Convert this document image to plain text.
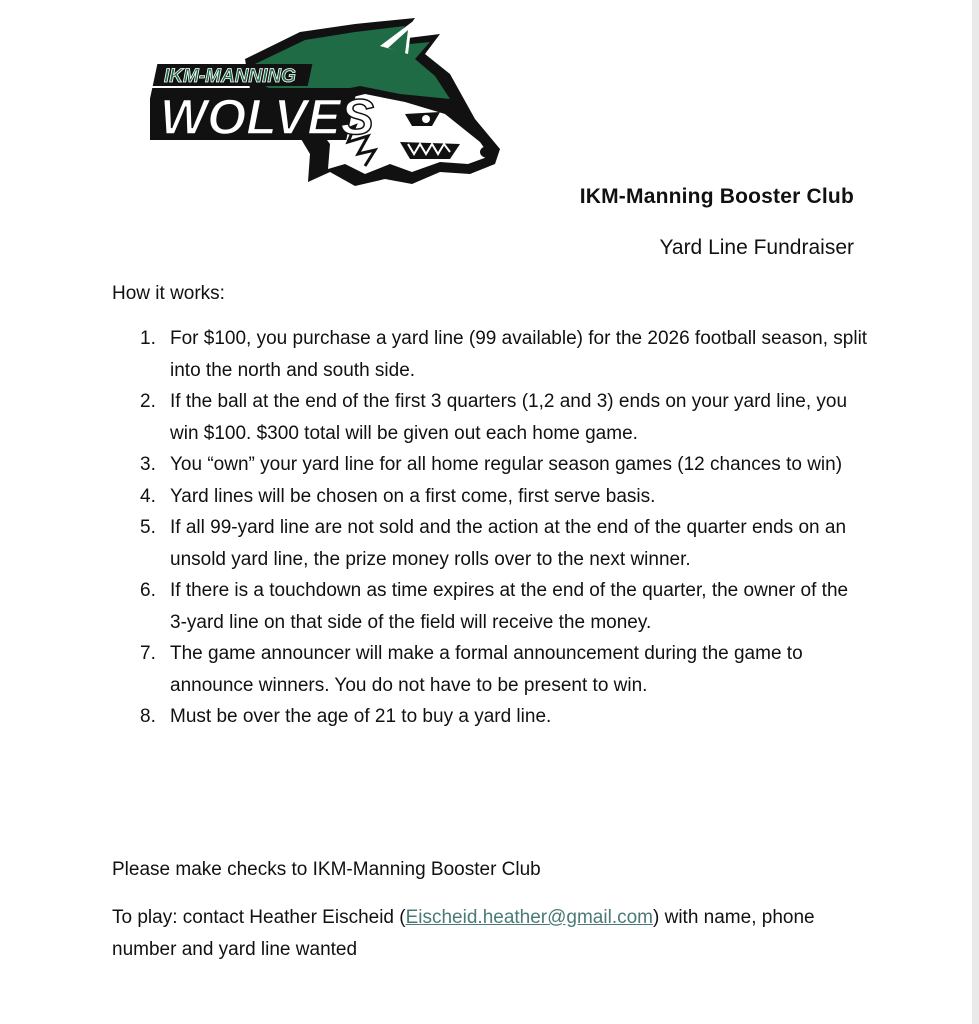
IKM-MANNING
WOLVES
IKM-Manning Booster Club
Yard Line Fundraiser
How it works:
1. For $100, you purchase a yard line (99 available) for the 2026 football season, split into the north and south side.
2. If the ball at the end of the first 3 quarters (1,2 and 3) ends on your yard line, you win $100. $300 total will be given out each home game.
3. You “own” your yard line for all home regular season games (12 chances to win)
4. Yard lines will be chosen on a first come, first serve basis.
5. If all 99-yard line are not sold and the action at the end of the quarter ends on an unsold yard line, the prize money rolls over to the next winner.
6. If there is a touchdown as time expires at the end of the quarter, the owner of the 3-yard line on that side of the field will receive the money.
7. The game announcer will make a formal announcement during the game to announce winners. You do not have to be present to win.
8. Must be over the age of 21 to buy a yard line.
Please make checks to IKM-Manning Booster Club
To play: contact Heather Eischeid (Eischeid.heather@gmail.com) with name, phone number and yard line wanted
